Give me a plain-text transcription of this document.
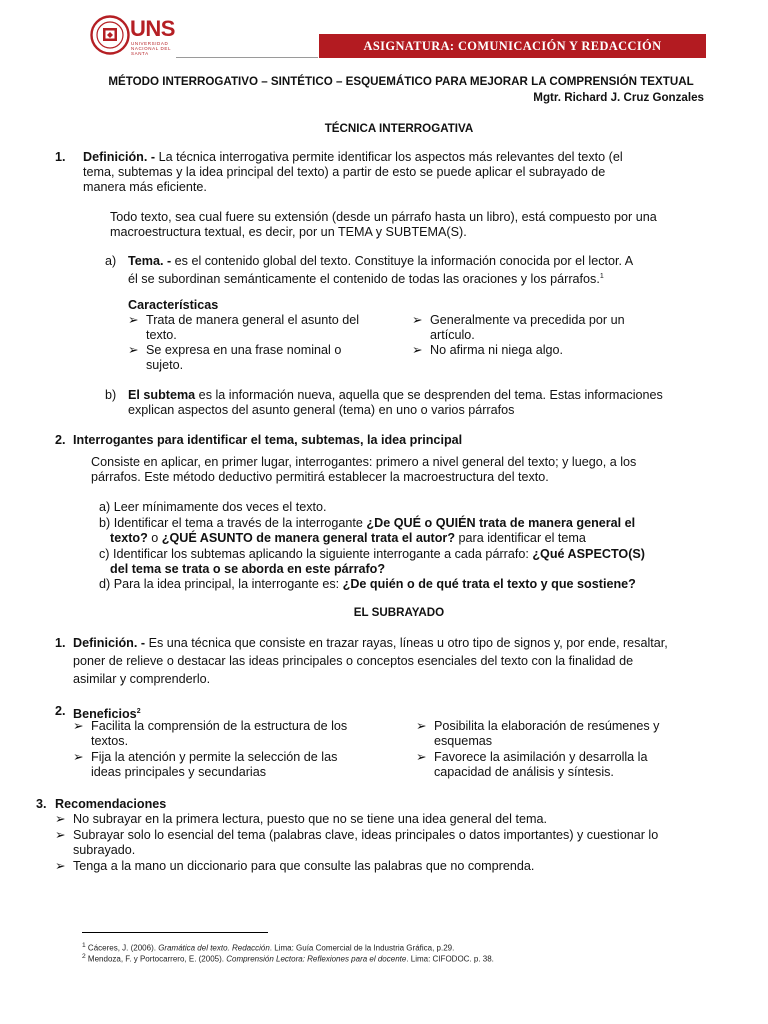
UNS
UNIVERSIDAD NACIONAL DEL SANTA
ASIGNATURA: COMUNICACIÓN Y REDACCIÓN
MÉTODO INTERROGATIVO – SINTÉTICO – ESQUEMÁTICO PARA MEJORAR LA COMPRENSIÓN TEXTUAL
Mgtr. Richard J. Cruz Gonzales
TÉCNICA INTERROGATIVA
1. Definición. - La técnica interrogativa permite identificar los aspectos más relevantes del texto (el
tema, subtemas y la idea principal del texto) a partir de esto se puede aplicar el subrayado de
manera más eficiente.
Todo texto, sea cual fuere su extensión (desde un párrafo hasta un libro), está compuesto por una
macroestructura textual, es decir, por un TEMA y SUBTEMA(S).
a) Tema. - es el contenido global del texto. Constituye la información conocida por el lector. A
él se subordinan semánticamente el contenido de todas las oraciones y los párrafos.$^1$
Características
➢ Trata de manera general el asunto del
texto.
➢ Se expresa en una frase nominal o
sujeto.
➢ Generalmente va precedida por un
artículo.
➢ No afirma ni niega algo.
b) El subtema es la información nueva, aquella que se desprenden del tema. Estas informaciones
explican aspectos del asunto general (tema) en uno o varios párrafos
2. Interrogantes para identificar el tema, subtemas, la idea principal
Consiste en aplicar, en primer lugar, interrogantes: primero a nivel general del texto; y luego, a los
párrafos. Este método deductivo permitirá establecer la macroestructura del texto.
a) Leer mínimamente dos veces el texto.
b) Identificar el tema a través de la interrogante ¿De QUÉ o QUIÉN trata de manera general el
texto? o ¿QUÉ ASUNTO de manera general trata el autor? para identificar el tema
c) Identificar los subtemas aplicando la siguiente interrogante a cada párrafo: ¿Qué ASPECTO(S)
del tema se trata o se aborda en este párrafo?
d) Para la idea principal, la interrogante es: ¿De quién o de qué trata el texto y que sostiene?
EL SUBRAYADO
1. Definición. - Es una técnica que consiste en trazar rayas, líneas u otro tipo de signos y, por ende, resaltar,
poner de relieve o destacar las ideas principales o conceptos esenciales del texto con la finalidad de
asimilar y comprenderlo.
2. Beneficios$^2$
➢ Facilita la comprensión de la estructura de los
textos.
➢ Fija la atención y permite la selección de las
ideas principales y secundarias
➢ Posibilita la elaboración de resúmenes y
esquemas
➢ Favorece la asimilación y desarrolla la
capacidad de análisis y síntesis.
3. Recomendaciones
➢ No subrayar en la primera lectura, puesto que no se tiene una idea general del tema.
➢ Subrayar solo lo esencial del tema (palabras clave, ideas principales o datos importantes) y cuestionar lo
subrayado.
➢ Tenga a la mano un diccionario para que consulte las palabras que no comprenda.
$^1$ Cáceres, J. (2006). Gramática del texto. Redacción. Lima: Guía Comercial de la Industria Gráfica, p.29.
$^2$ Mendoza, F. y Portocarrero, E. (2005). Comprensión Lectora: Reflexiones para el docente. Lima: CIFODOC. p. 38.
